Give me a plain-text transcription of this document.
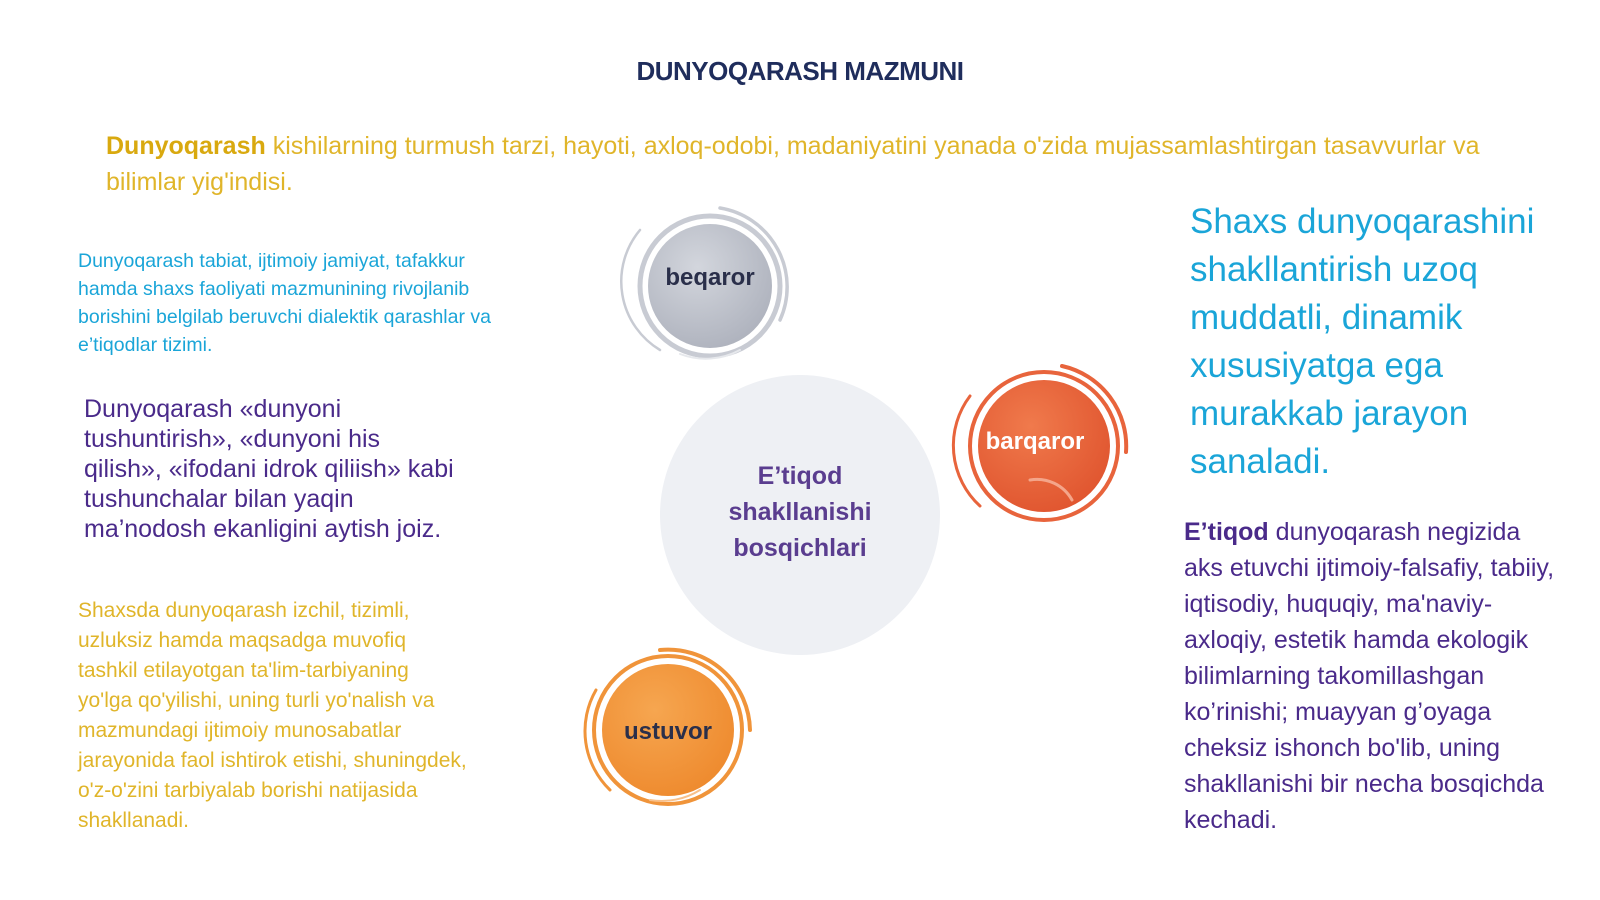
DUNYOQARASH MAZMUNI
Dunyoqarash kishilarning turmush tarzi, hayoti, axloq-odobi, madaniyatini yanada o'zida mujassamlashtirgan tasavvurlar va bilimlar yig'indisi.
Dunyoqarash tabiat, ijtimoiy jamiyat, tafakkur hamda shaxs faoliyati mazmunining rivojlanib borishini belgilab beruvchi dialektik qarashlar va e’tiqodlar tizimi.
Dunyoqarash «dunyoni tushuntirish», «dunyoni his qilish», «ifodani idrok qiliish» kabi tushunchalar bilan yaqin ma’nodosh ekanligini aytish joiz.
Shaxsda dunyoqarash izchil, tizimli, uzluksiz hamda maqsadga muvofiq tashkil etilayotgan ta'lim-tarbiyaning yo'lga qo'yilishi, uning turli yo'nalish va mazmundagi ijtimoiy munosabatlar jarayonida faol ishtirok etishi, shuningdek, o'z-o'zini tarbiyalab borishi natijasida shakllanadi.
Shaxs dunyoqarashini shakllantirish uzoq muddatli, dinamik xususiyatga ega murakkab jarayon sanaladi.
E’tiqod dunyoqarash negizida aks etuvchi ijtimoiy-falsafiy, tabiiy, iqtisodiy, huquqiy, ma'naviy-axloqiy, estetik hamda ekologik bilimlarning takomillashgan ko’rinishi; muayyan g’oyaga cheksiz ishonch bo'lib, uning shakllanishi bir necha bosqichda kechadi.
E’tiqod
shakllanishi
bosqichlari
beqaror
barqaror
ustuvor
